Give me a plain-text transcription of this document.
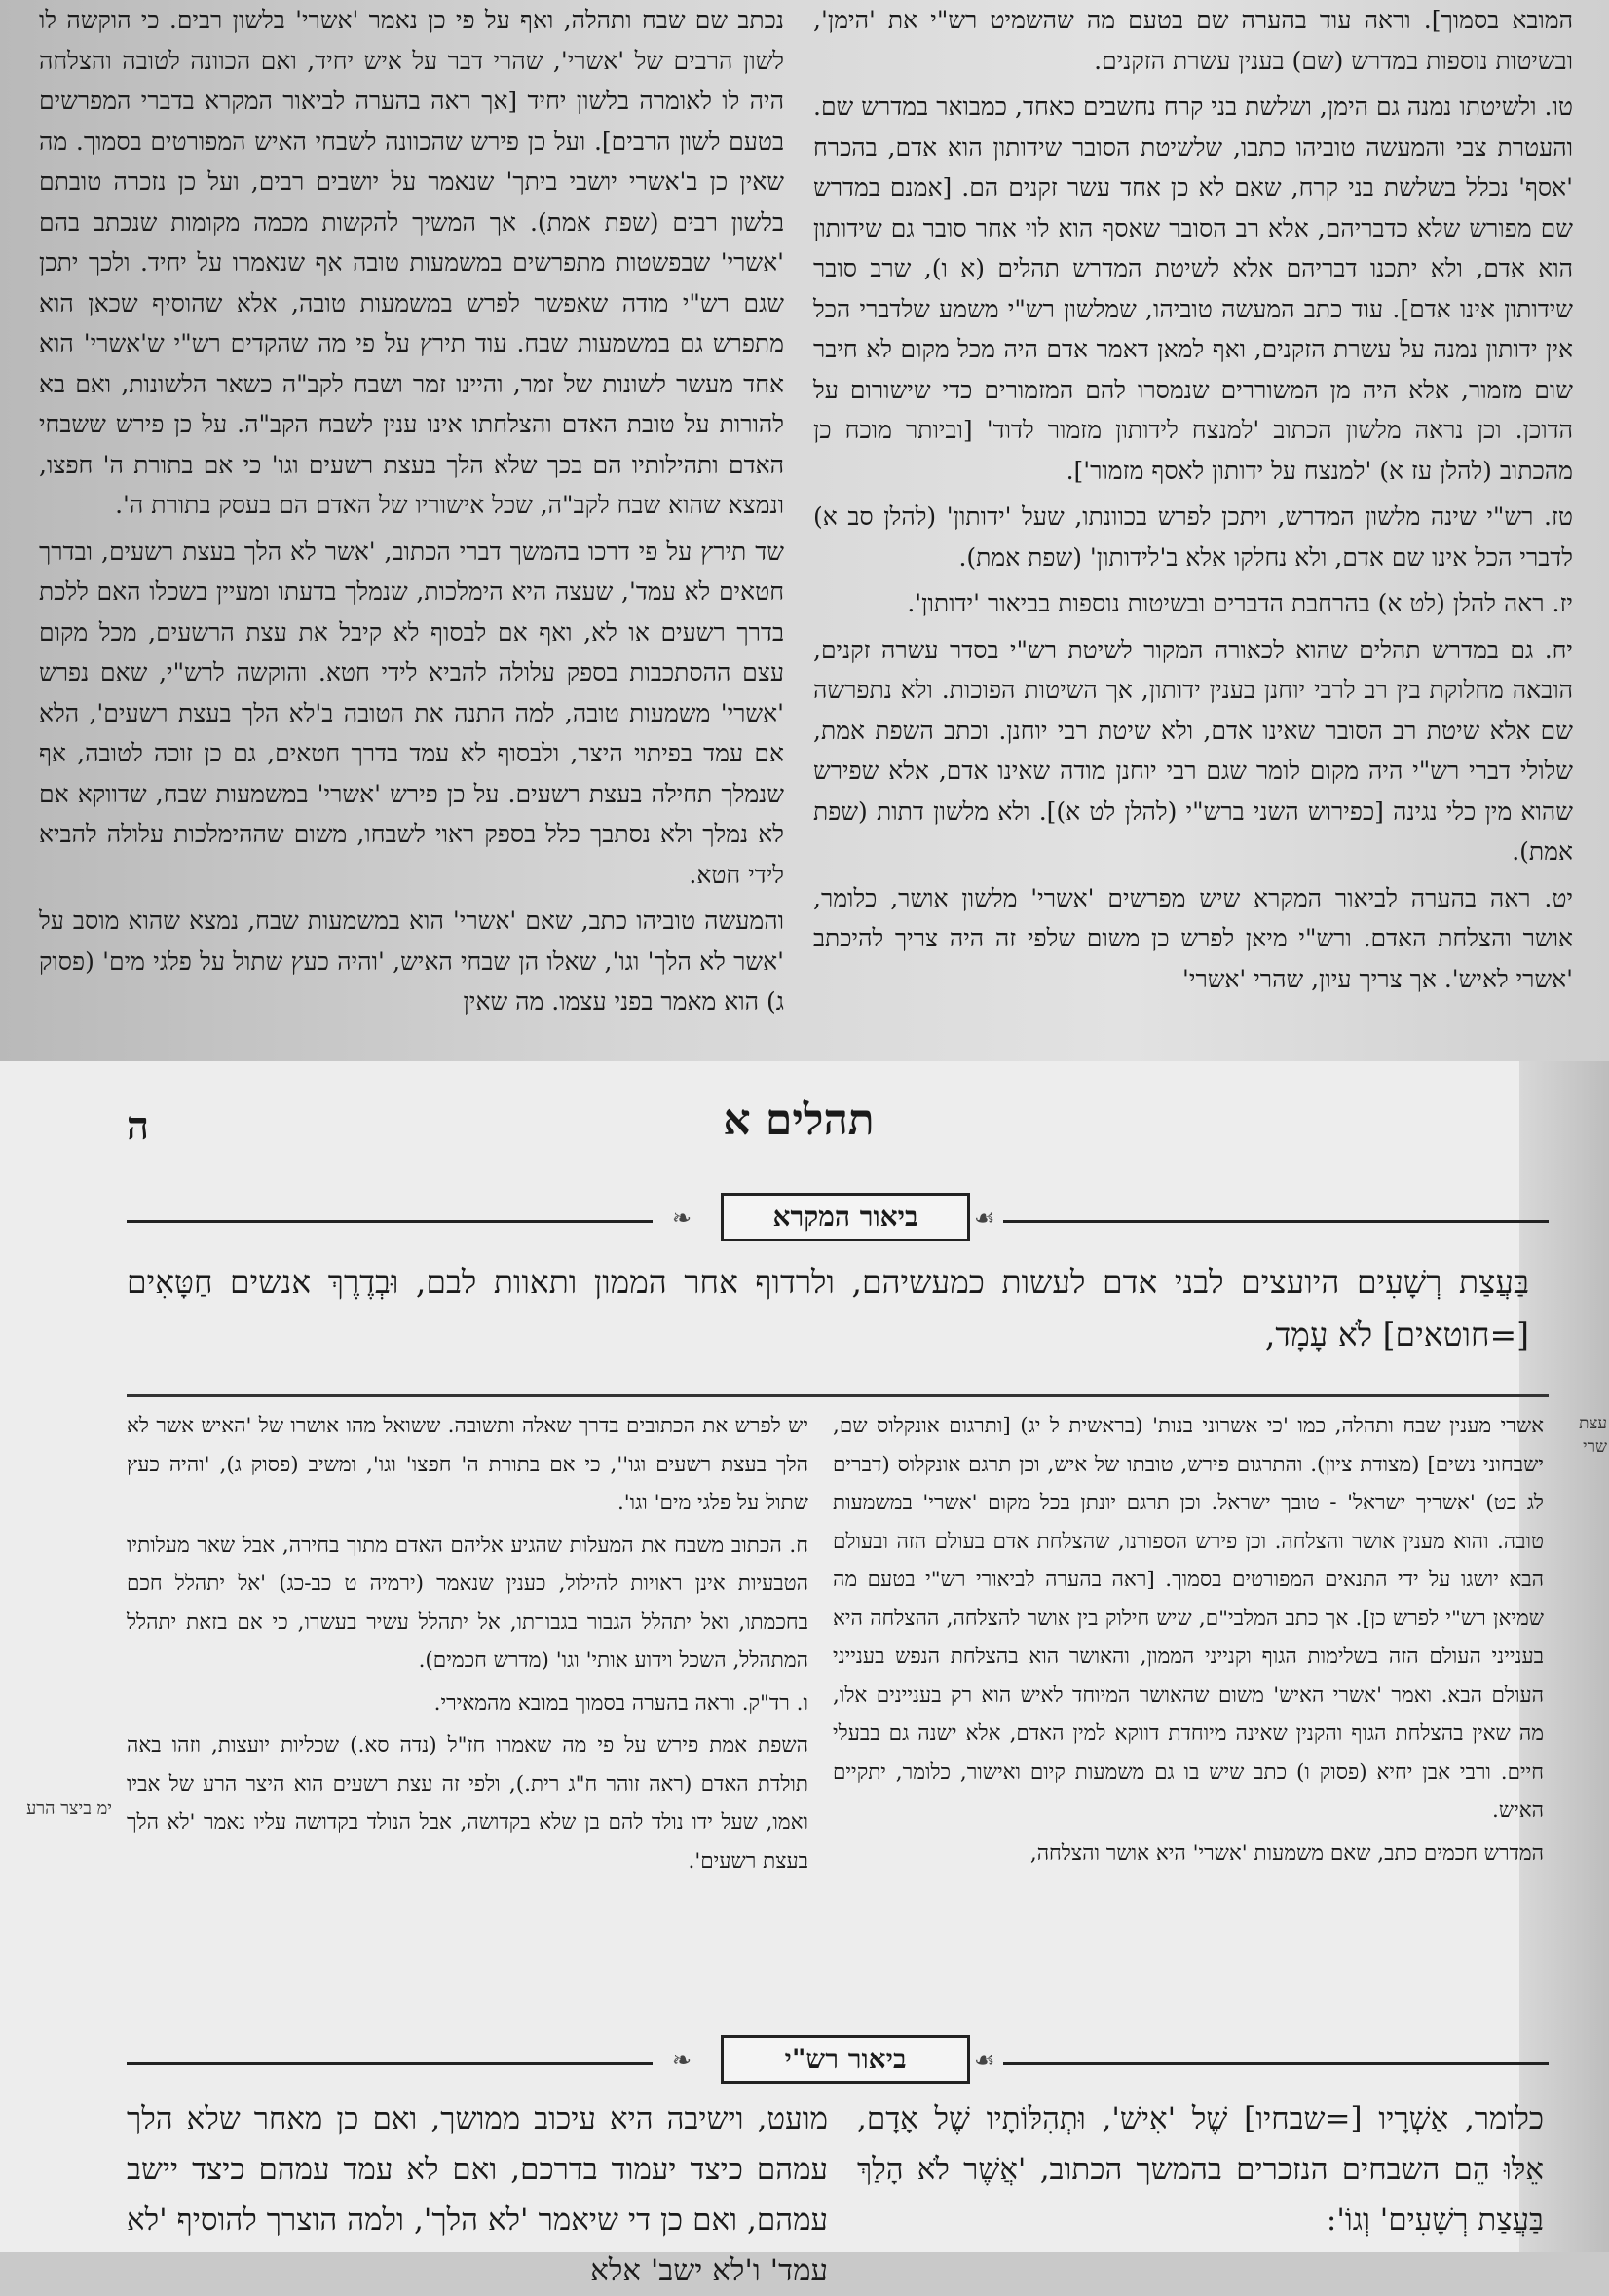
המובא בסמוך]. וראה עוד בהערה שם בטעם מה שהשמיט רש"י את 'הימן', ובשיטות נוספות במדרש (שם) בענין עשרת הזקנים.

טו. ולשיטתו נמנה גם הימן, ושלשת בני קרח נחשבים כאחד, כמבואר במדרש שם. והעטרת צבי והמעשה טוביהו כתבו, שלשיטת הסובר שידותון הוא אדם, בהכרח 'אסף' נכלל בשלשת בני קרח, שאם לא כן אחד עשר זקנים הם. [אמנם במדרש שם מפורש שלא כדבריהם, אלא רב הסובר שאסף הוא לוי אחר סובר גם שידותון הוא אדם, ולא יתכנו דבריהם אלא לשיטת המדרש תהלים (א ו), שרב סובר שידותון אינו אדם]. עוד כתב המעשה טוביהו, שמלשון רש"י משמע שלדברי הכל אין ידותון נמנה על עשרת הזקנים, ואף למאן דאמר אדם היה מכל מקום לא חיבר שום מזמור, אלא היה מן המשוררים שנמסרו להם המזמורים כדי שישורום על הדוכן. וכן נראה מלשון הכתוב 'למנצח לידותון מזמור לדוד' [וביותר מוכח כן מהכתוב (להלן עז א) 'למנצח על ידותון לאסף מזמור'].

טז. רש"י שינה מלשון המדרש, ויתכן לפרש בכוונתו, שעל 'ידותון' (להלן סב א) לדברי הכל אינו שם אדם, ולא נחלקו אלא ב'לידותון' (שפת אמת).

יז. ראה להלן (לט א) בהרחבת הדברים ובשיטות נוספות בביאור 'ידותון'.

יח. גם במדרש תהלים שהוא לכאורה המקור לשיטת רש"י בסדר עשרה זקנים, הובאה מחלוקת בין רב לרבי יוחנן בענין ידותון, אך השיטות הפוכות. ולא נתפרשה שם אלא שיטת רב הסובר שאינו אדם, ולא שיטת רבי יוחנן. וכתב השפת אמת, שלולי דברי רש"י היה מקום לומר שגם רבי יוחנן מודה שאינו אדם, אלא שפירש שהוא מין כלי נגינה [כפירוש השני ברש"י (להלן לט א)]. ולא מלשון דתות (שפת אמת).

יט. ראה בהערה לביאור המקרא שיש מפרשים 'אשרי' מלשון אושר, כלומר, אושר והצלחת האדם. ורש"י מיאן לפרש כן משום שלפי זה היה צריך להיכתב 'אשרי לאיש'. אך צריך עיון, שהרי 'אשרי'

נכתב שם שבח ותהלה, ואף על פי כן נאמר 'אשרי' בלשון רבים. כי הוקשה לו לשון הרבים של 'אשרי', שהרי דבר על איש יחיד, ואם הכוונה לטובה והצלחה היה לו לאומרה בלשון יחיד [אך ראה בהערה לביאור המקרא בדברי המפרשים בטעם לשון הרבים]. ועל כן פירש שהכוונה לשבחי האיש המפורטים בסמוך. מה שאין כן ב'אשרי יושבי ביתך' שנאמר על יושבים רבים, ועל כן נזכרה טובתם בלשון רבים (שפת אמת). אך המשיך להקשות מכמה מקומות שנכתב בהם 'אשרי' שבפשטות מתפרשים במשמעות טובה אף שנאמרו על יחיד. ולכך יתכן שגם רש"י מודה שאפשר לפרש במשמעות טובה, אלא שהוסיף שכאן הוא מתפרש גם במשמעות שבח. עוד תירץ על פי מה שהקדים רש"י ש'אשרי' הוא אחד מעשר לשונות של זמר, והיינו זמר ושבח לקב"ה כשאר הלשונות, ואם בא להורות על טובת האדם והצלחתו אינו ענין לשבח הקב"ה. על כן פירש ששבחי האדם ותהילותיו הם בכך שלא הלך בעצת רשעים וגו' כי אם בתורת ה' חפצו, ונמצא שהוא שבח לקב"ה, שכל אישוריו של האדם הם בעסק בתורת ה'.

שד תירץ על פי דרכו בהמשך דברי הכתוב, 'אשר לא הלך בעצת רשעים, ובדרך חטאים לא עמד', שעצה היא הימלכות, שנמלך בדעתו ומעיין בשכלו האם ללכת בדרך רשעים או לא, ואף אם לבסוף לא קיבל את עצת הרשעים, מכל מקום עצם ההסתכבות בספק עלולה להביא לידי חטא. והוקשה לרש"י, שאם נפרש 'אשרי' משמעות טובה, למה התנה את הטובה ב'לא הלך בעצת רשעים', הלא אם עמד בפיתוי היצר, ולבסוף לא עמד בדרך חטאים, גם כן זוכה לטובה, אף שנמלך תחילה בעצת רשעים. על כן פירש 'אשרי' במשמעות שבח, שדווקא אם לא נמלך ולא נסתבך כלל בספק ראוי לשבחו, משום שההימלכות עלולה להביא לידי חטא.

והמעשה טוביהו כתב, שאם 'אשרי' הוא במשמעות שבח, נמצא שהוא מוסב על 'אשר לא הלך' וגו', שאלו הן שבחי האיש, 'והיה כעץ שתול על פלגי מים' (פסוק ג) הוא מאמר בפני עצמו. מה שאין

תהלים א
ה
❧	ביאור המקרא	☙
בַּעֲצַת רְשָׁעִים היועצים לבני אדם לעשות כמעשיהם, ולרדוף אחר הממון ותאוות לבם, וּבְדֶרֶךְ אנשים חַטָּאִים [=חוטאים] לֹא עָמָד,

אשרי מענין שבח ותהלה, כמו 'כי אשרוני בנות' (בראשית ל יג) [ותרגום אונקלוס שם, ישבחוני נשים] (מצודת ציון). והתרגום פירש, טובתו של איש, וכן תרגם אונקלוס (דברים לג כט) 'אשריך ישראל' - טובך ישראל. וכן תרגם יונתן בכל מקום 'אשרי' במשמעות טובה. והוא מענין אושר והצלחה. וכן פירש הספורנו, שהצלחת אדם בעולם הזה ובעולם הבא יושגו על ידי התנאים המפורטים בסמוך. [ראה בהערה לביאורי רש"י בטעם מה שמיאן רש"י לפרש כן]. אך כתב המלבי"ם, שיש חילוק בין אושר להצלחה, ההצלחה היא בענייני העולם הזה בשלימות הגוף וקנייני הממון, והאושר הוא בהצלחת הנפש בענייני העולם הבא. ואמר 'אשרי האיש' משום שהאושר המיוחד לאיש הוא רק בעניינים אלו, מה שאין בהצלחת הגוף והקנין שאינה מיוחדת דווקא למין האדם, אלא ישנה גם בבעלי חיים. ורבי אבן יחיא (פסוק ו) כתב שיש בו גם משמעות קיום ואישור, כלומר, יתקיים האיש.

המדרש חכמים כתב, שאם משמעות 'אשרי' היא אושר והצלחה,

יש לפרש את הכתובים בדרך שאלה ותשובה. ששואל מהו אושרו של 'האיש אשר לא הלך בעצת רשעים וגו'', כי אם בתורת ה' חפצו' וגו', ומשיב (פסוק ג), 'והיה כעץ שתול על פלגי מים' וגו'.

ח. הכתוב משבח את המעלות שהגיע אליהם האדם מתוך בחירה, אבל שאר מעלותיו הטבעיות אינן ראויות להילול, כענין שנאמר (ירמיה ט כב-כג) 'אל יתהלל חכם בחכמתו, ואל יתהלל הגבור בגבורתו, אל יתהלל עשיר בעשרו, כי אם בזאת יתהלל המתהלל, השכל וידוע אותי' וגו' (מדרש חכמים).

ו. רד"ק. וראה בהערה בסמוך במובא מהמאירי.

השפת אמת פירש על פי מה שאמרו חז"ל (נדה סא.) שכליות יועצות, וזהו באה תולדת האדם (ראה זוהר ח"ג רית.), ולפי זה עצת רשעים הוא היצר הרע של אביו ואמו, שעל ידו נולד להם בן שלא בקדושה, אבל הנולד בקדושה עליו נאמר 'לא הלך בעצת רשעים'.

ימ ביצר הרע
עצת שרי
❧	ביאור רש"י	☙
כלומר, אַשְׁרָיו [=שבחיו] שֶׁל 'אִישׁ', וּתְהִלּוֹתָיו שֶׁל אָדָם, אֵלּוּ הֵם השבחים הנזכרים בהמשך הכתוב, 'אֲשֶׁר לֹא הָלַךְ בַּעֲצַת רְשָׁעִים' וְגוֹ':
מועט, וישיבה היא עיכוב ממושך, ואם כן מאחר שלא הלך עמהם כיצד יעמוד בדרכם, ואם לא עמד עמהם כיצד יישב עמהם, ואם כן די שיאמר 'לא הלך', ולמה הוצרך להוסיף 'לא עמד' ו'לא ישב' אלא
